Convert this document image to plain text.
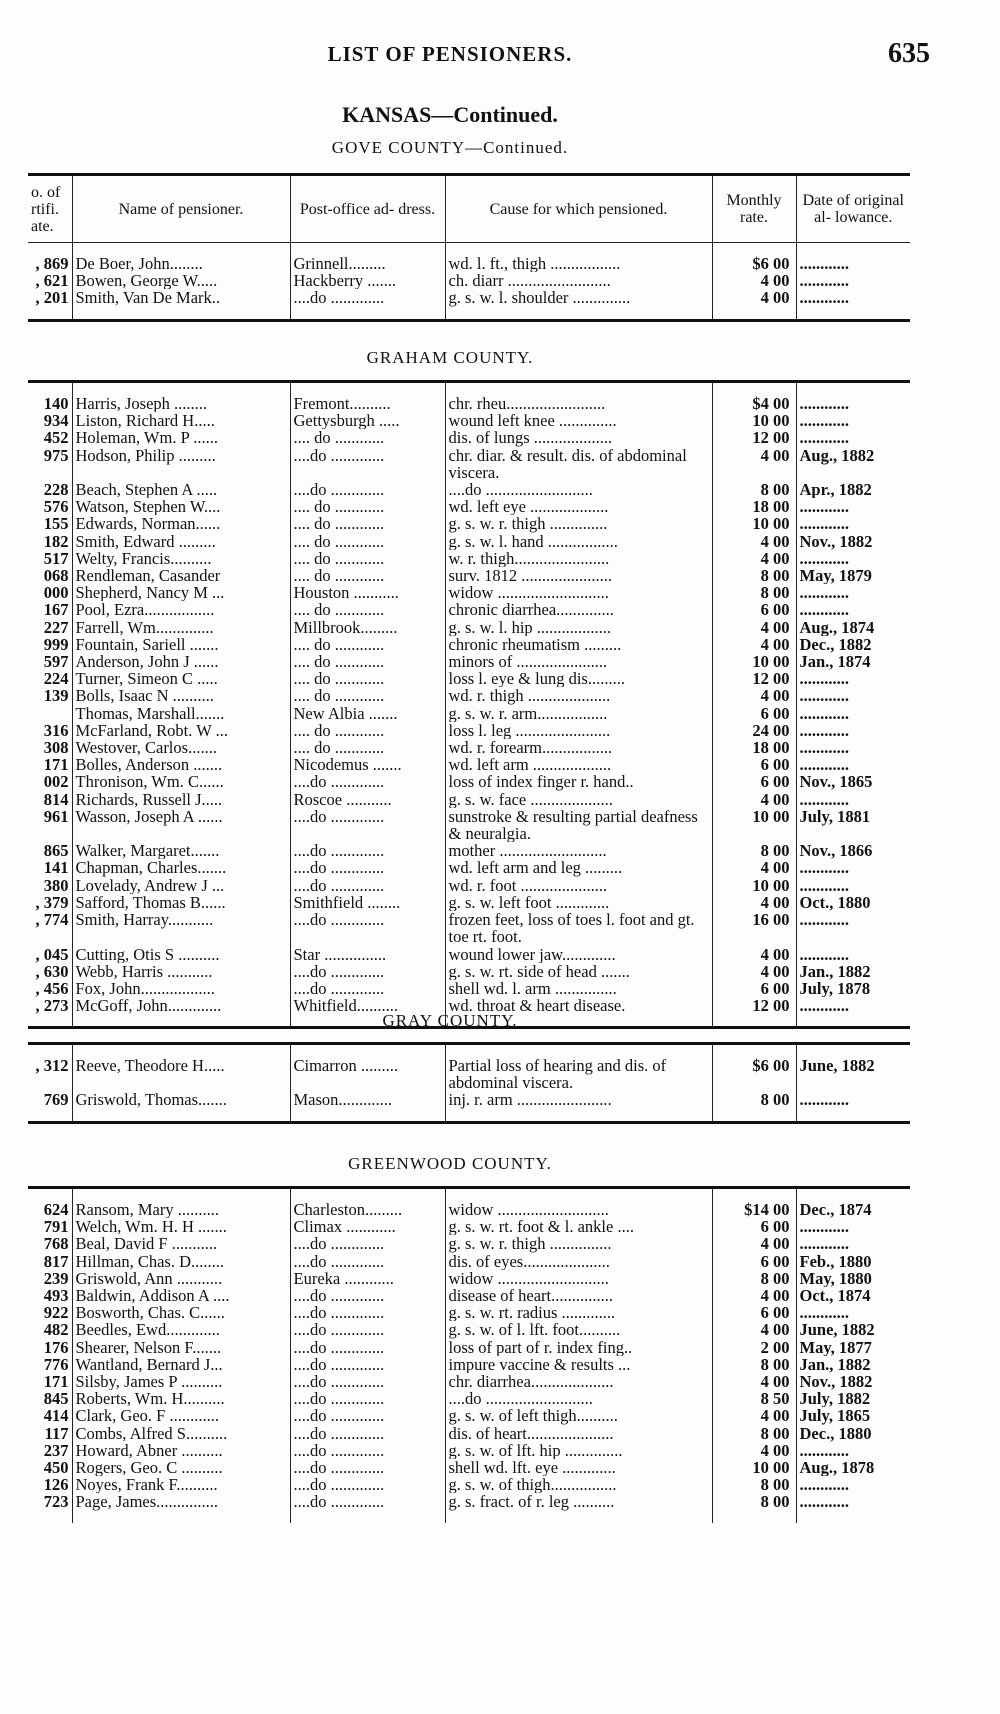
LIST OF PENSIONERS.	635
KANSAS—Continued.
GOVE COUNTY—Continued.
o. of rtifi. ate.	Name of pensioner.	Post-office ad- dress.	Cause for which pensioned.	Monthly rate.	Date of original al- lowance.

, 869	De Boer, John........	Grinnell.........	wd. l. ft., thigh .................	$6 00	............
, 621	Bowen, George W.....	Hackberry .......	ch. diarr .........................	4 00	............
, 201	Smith, Van De Mark..	....do .............	g. s. w. l. shoulder ..............	4 00	............

GRAHAM COUNTY.

140	Harris, Joseph ........	Fremont..........	chr. rheu........................	$4 00	............
934	Liston, Richard H.....	Gettysburgh .....	wound left knee ..............	10 00	............
452	Holeman, Wm. P ......	.... do ............	dis. of lungs ...................	12 00	............
975	Hodson, Philip .........	....do .............	chr. diar. & result. dis. of abdominal viscera.	4 00	Aug., 1882
228	Beach, Stephen A .....	....do .............	....do ..........................	8 00	Apr., 1882
576	Watson, Stephen W....	.... do ............	wd. left eye ...................	18 00	............
155	Edwards, Norman......	.... do ............	g. s. w. r. thigh ..............	10 00	............
182	Smith, Edward .........	.... do ............	g. s. w. l. hand .................	4 00	Nov., 1882
517	Welty, Francis..........	.... do ............	w. r. thigh.......................	4 00	............
068	Rendleman, Casander	.... do ............	surv. 1812 ......................	8 00	May, 1879
000	Shepherd, Nancy M ...	Houston ...........	widow ...........................	8 00	............
167	Pool, Ezra.................	.... do ............	chronic diarrhea..............	6 00	............
227	Farrell, Wm..............	Millbrook.........	g. s. w. l. hip ..................	4 00	Aug., 1874
999	Fountain, Sariell .......	.... do ............	chronic rheumatism .........	4 00	Dec., 1882
597	Anderson, John J ......	.... do ............	minors of ......................	10 00	Jan., 1874
224	Turner, Simeon C .....	.... do ............	loss l. eye & lung dis.........	12 00	............
139	Bolls, Isaac N ..........	.... do ............	wd. r. thigh ....................	4 00	............
	Thomas, Marshall.......	New Albia .......	g. s. w. r. arm.................	6 00	............
316	McFarland, Robt. W ...	.... do ............	loss l. leg .......................	24 00	............
308	Westover, Carlos.......	.... do ............	wd. r. forearm.................	18 00	............
171	Bolles, Anderson .......	Nicodemus .......	wd. left arm ...................	6 00	............
002	Thronison, Wm. C......	....do .............	loss of index finger r. hand..	6 00	Nov., 1865
814	Richards, Russell J.....	Roscoe ...........	g. s. w. face ....................	4 00	............
961	Wasson, Joseph A ......	....do .............	sunstroke & resulting partial deafness & neuralgia.	10 00	July, 1881
865	Walker, Margaret.......	....do .............	mother ..........................	8 00	Nov., 1866
141	Chapman, Charles.......	....do .............	wd. left arm and leg .........	4 00	............
380	Lovelady, Andrew J ...	....do .............	wd. r. foot .....................	10 00	............
, 379	Safford, Thomas B......	Smithfield ........	g. s. w. left foot .............	4 00	Oct., 1880
, 774	Smith, Harray...........	....do .............	frozen feet, loss of toes l. foot and gt. toe rt. foot.	16 00	............
, 045	Cutting, Otis S ..........	Star ...............	wound lower jaw.............	4 00	............
, 630	Webb, Harris ...........	....do .............	g. s. w. rt. side of head .......	4 00	Jan., 1882
, 456	Fox, John..................	....do .............	shell wd. l. arm ...............	6 00	July, 1878
, 273	McGoff, John.............	Whitfield..........	wd. throat & heart disease.	12 00	............

GRAY COUNTY.

, 312	Reeve, Theodore H.....	Cimarron .........	Partial loss of hearing and dis. of abdominal viscera.	$6 00	June, 1882
769	Griswold, Thomas.......	Mason.............	inj. r. arm .......................	8 00	............

GREENWOOD COUNTY.

624	Ransom, Mary ..........	Charleston.........	widow ...........................	$14 00	Dec., 1874
791	Welch, Wm. H. H .......	Climax ............	g. s. w. rt. foot & l. ankle ....	6 00	............
768	Beal, David F ...........	....do .............	g. s. w. r. thigh ...............	4 00	............
817	Hillman, Chas. D........	....do .............	dis. of eyes.....................	6 00	Feb., 1880
239	Griswold, Ann ...........	Eureka ............	widow ...........................	8 00	May, 1880
493	Baldwin, Addison A ....	....do .............	disease of heart...............	4 00	Oct., 1874
922	Bosworth, Chas. C......	....do .............	g. s. w. rt. radius .............	6 00	............
482	Beedles, Ewd.............	....do .............	g. s. w. of l. lft. foot..........	4 00	June, 1882
176	Shearer, Nelson F.......	....do .............	loss of part of r. index fing..	2 00	May, 1877
776	Wantland, Bernard J...	....do .............	impure vaccine & results ...	8 00	Jan., 1882
171	Silsby, James P ..........	....do .............	chr. diarrhea....................	4 00	Nov., 1882
845	Roberts, Wm. H..........	....do .............	....do ..........................	8 50	July, 1882
414	Clark, Geo. F ............	....do .............	g. s. w. of left thigh..........	4 00	July, 1865
117	Combs, Alfred S..........	....do .............	dis. of heart.....................	8 00	Dec., 1880
237	Howard, Abner ..........	....do .............	g. s. w. of lft. hip ..............	4 00	............
450	Rogers, Geo. C ..........	....do .............	shell wd. lft. eye .............	10 00	Aug., 1878
126	Noyes, Frank F..........	....do .............	g. s. w. of thigh................	8 00	............
723	Page, James...............	....do .............	g. s. fract. of r. leg ..........	8 00	............
